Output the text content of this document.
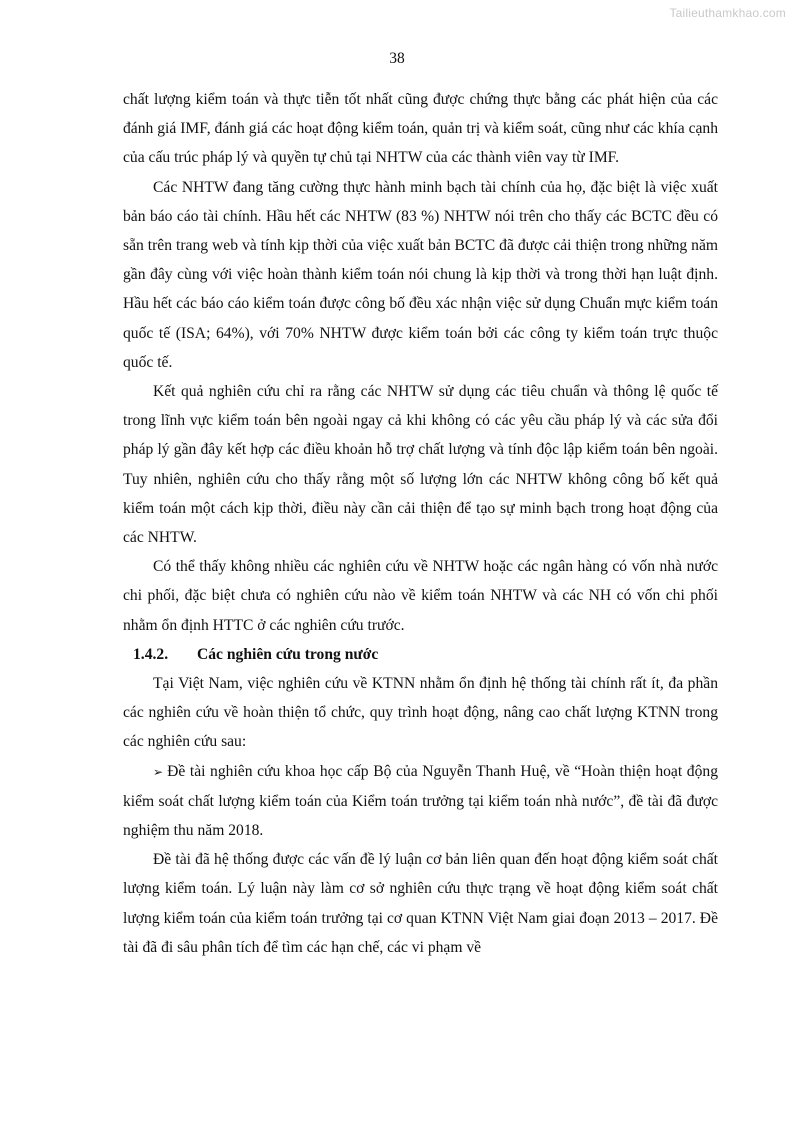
Tailieuthamkhao.com
38

chất lượng kiểm toán và thực tiễn tốt nhất cũng được chứng thực bằng các phát hiện của các đánh giá IMF, đánh giá các hoạt động kiểm toán, quản trị và kiểm soát, cũng như các khía cạnh của cấu trúc pháp lý và quyền tự chủ tại NHTW của các thành viên vay từ IMF.

Các NHTW đang tăng cường thực hành minh bạch tài chính của họ, đặc biệt là việc xuất bản báo cáo tài chính. Hầu hết các NHTW (83 %) NHTW nói trên cho thấy các BCTC đều có sẵn trên trang web và tính kịp thời của việc xuất bản BCTC đã được cải thiện trong những năm gần đây cùng với việc hoàn thành kiểm toán nói chung là kịp thời và trong thời hạn luật định. Hầu hết các báo cáo kiểm toán được công bố đều xác nhận việc sử dụng Chuẩn mực kiểm toán quốc tế (ISA; 64%), với 70% NHTW được kiểm toán bởi các công ty kiểm toán trực thuộc quốc tế.

Kết quả nghiên cứu chỉ ra rằng các NHTW sử dụng các tiêu chuẩn và thông lệ quốc tế trong lĩnh vực kiểm toán bên ngoài ngay cả khi không có các yêu cầu pháp lý và các sửa đổi pháp lý gần đây kết hợp các điều khoản hỗ trợ chất lượng và tính độc lập kiểm toán bên ngoài. Tuy nhiên, nghiên cứu cho thấy rằng một số lượng lớn các NHTW không công bố kết quả kiểm toán một cách kịp thời, điều này cần cải thiện để tạo sự minh bạch trong hoạt động của các NHTW.

Có thể thấy không nhiều các nghiên cứu về NHTW hoặc các ngân hàng có vốn nhà nước chi phối, đặc biệt chưa có nghiên cứu nào về kiểm toán NHTW và các NH có vốn chi phối nhằm ổn định HTTC ở các nghiên cứu trước.

1.4.2. Các nghiên cứu trong nước

Tại Việt Nam, việc nghiên cứu về KTNN nhằm ổn định hệ thống tài chính rất ít, đa phần các nghiên cứu về hoàn thiện tổ chức, quy trình hoạt động, nâng cao chất lượng KTNN trong các nghiên cứu sau:

➢ Đề tài nghiên cứu khoa học cấp Bộ của Nguyễn Thanh Huệ, về “Hoàn thiện hoạt động kiểm soát chất lượng kiểm toán của Kiểm toán trưởng tại kiểm toán nhà nước”, đề tài đã được nghiệm thu năm 2018.

Đề tài đã hệ thống được các vấn đề lý luận cơ bản liên quan đến hoạt động kiểm soát chất lượng kiểm toán. Lý luận này làm cơ sở nghiên cứu thực trạng về hoạt động kiểm soát chất lượng kiểm toán của kiểm toán trưởng tại cơ quan KTNN Việt Nam giai đoạn 2013 – 2017. Đề tài đã đi sâu phân tích để tìm các hạn chế, các vi phạm về
